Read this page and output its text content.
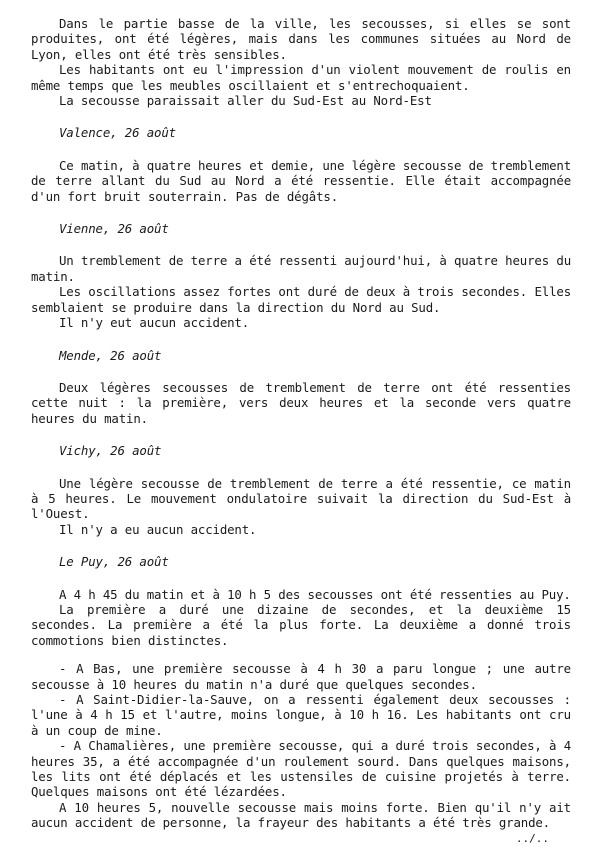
Dans le partie basse de la ville, les secousses, si elles se sont produites, ont été légères, mais dans les communes situées au Nord de Lyon, elles ont été très sensibles.

Les habitants ont eu l'impression d'un violent mouvement de roulis en même temps que les meubles oscillaient et s'entrechoquaient.

La secousse paraissait aller du Sud-Est au Nord-Est

Valence, 26 août

Ce matin, à quatre heures et demie, une légère secousse de tremblement de terre allant du Sud au Nord a été ressentie. Elle était accompagnée d'un fort bruit souterrain. Pas de dégâts.

Vienne, 26 août

Un tremblement de terre a été ressenti aujourd'hui, à quatre heures du matin.

Les oscillations assez fortes ont duré de deux à trois secondes. Elles semblaient se produire dans la direction du Nord au Sud.

Il n'y eut aucun accident.

Mende, 26 août

Deux légères secousses de tremblement de terre ont été ressenties cette nuit : la première, vers deux heures et la seconde vers quatre heures du matin.

Vichy, 26 août

Une légère secousse de tremblement de terre a été ressentie, ce matin à 5 heures. Le mouvement ondulatoire suivait la direction du Sud-Est à l'Ouest.

Il n'y a eu aucun accident.

Le Puy, 26 août

A 4 h 45 du matin et à 10 h 5 des secousses ont été ressenties au Puy.

La première a duré une dizaine de secondes, et la deuxième 15 secondes. La première a été la plus forte. La deuxième a donné trois commotions bien distinctes.

- A Bas, une première secousse à 4 h 30 a paru longue ; une autre secousse à 10 heures du matin n'a duré que quelques secondes.

- A Saint-Didier-la-Sauve, on a ressenti également deux secousses : l'une à 4 h 15 et l'autre, moins longue, à 10 h 16. Les habitants ont cru à un coup de mine.

- A Chamalières, une première secousse, qui a duré trois secondes, à 4 heures 35, a été accompagnée d'un roulement sourd. Dans quelques maisons, les lits ont été déplacés et les ustensiles de cuisine projetés à terre. Quelques maisons ont été lézardées.

A 10 heures 5, nouvelle secousse mais moins forte. Bien qu'il n'y ait aucun accident de personne, la frayeur des habitants a été très grande.

../..
